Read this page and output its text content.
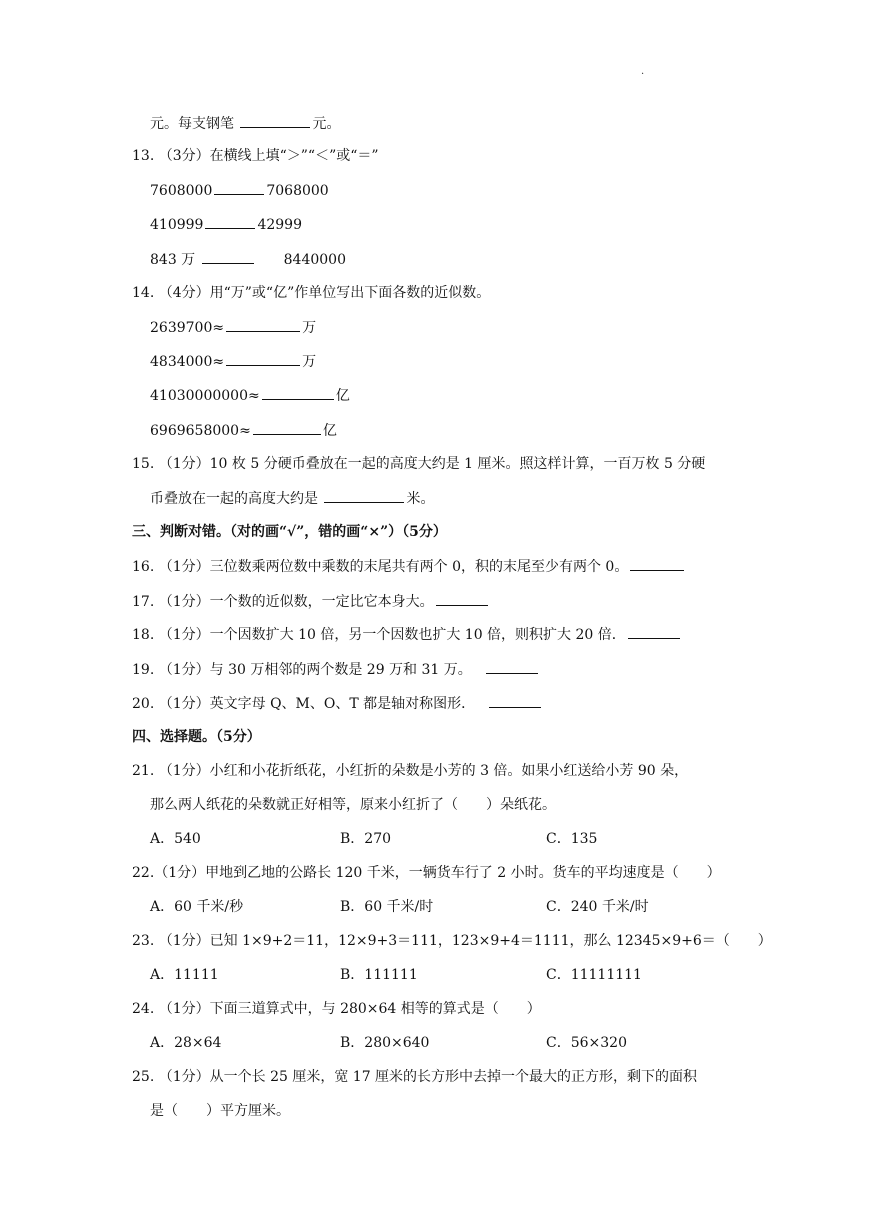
.
元。每支钢笔	元。
13. （3分）在横线上填“＞”“＜”或“＝”
7608000	7068000
410999	42999
843 万	8440000
14. （4分）用“万”或“亿”作单位写出下面各数的近似数。
2639700≈	万
4834000≈	万
41030000000≈	亿
6969658000≈	亿
15. （1分）10 枚 5 分硬币叠放在一起的高度大约是 1 厘米。照这样计算，一百万枚 5 分硬
币叠放在一起的高度大约是	米。
三、判断对错。（对的画“√”，错的画“×”）（5分）
16. （1分）三位数乘两位数中乘数的末尾共有两个 0，积的末尾至少有两个 0。
17. （1分）一个数的近似数，一定比它本身大。
18. （1分）一个因数扩大 10 倍，另一个因数也扩大 10 倍，则积扩大 20 倍．
19. （1分）与 30 万相邻的两个数是 29 万和 31 万。
20. （1分）英文字母 Q、M、O、T 都是轴对称图形．
四、选择题。（5分）
21. （1分）小红和小花折纸花，小红折的朵数是小芳的 3 倍。如果小红送给小芳 90 朵，
那么两人纸花的朵数就正好相等，原来小红折了（　　）朵纸花。
A．540	B．270	C．135
22.（1分）甲地到乙地的公路长 120 千米，一辆货车行了 2 小时。货车的平均速度是（　　）
A．60 千米/秒	B．60 千米/时	C．240 千米/时
23. （1分）已知 1×9+2＝11，12×9+3＝111，123×9+4＝1111，那么 12345×9+6＝（　　）
A．11111	B．111111	C．11111111
24. （1分）下面三道算式中，与 280×64 相等的算式是（　　）
A．28×64	B．280×640	C．56×320
25. （1分）从一个长 25 厘米，宽 17 厘米的长方形中去掉一个最大的正方形，剩下的面积
是（　　）平方厘米。
